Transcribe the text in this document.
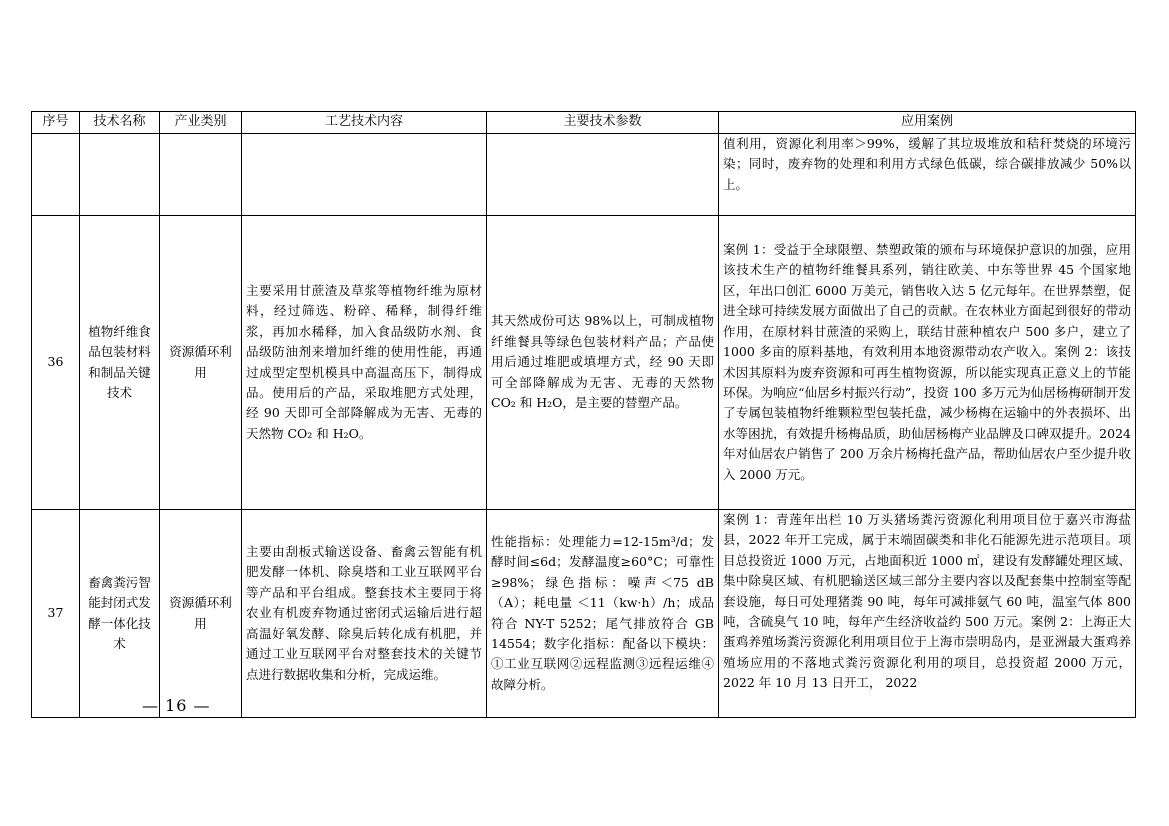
序号	技术名称	产业类别	工艺技术内容	主要技术参数	应用案例
					值利用，资源化利用率＞99%，缓解了其垃圾堆放和秸秆焚烧的环境污染；同时，废弃物的处理和利用方式绿色低碳，综合碳排放减少 50%以上。
36	植物纤维食品包装材料和制品关键技术	资源循环利用	主要采用甘蔗渣及草浆等植物纤维为原材料，经过筛选、粉碎、稀释，制得纤维浆，再加水稀释，加入食品级防水剂、食品级防油剂来增加纤维的使用性能，再通过成型定型机模具中高温高压下，制得成品。使用后的产品，采取堆肥方式处理，经 90 天即可全部降解成为无害、无毒的天然物 CO₂ 和 H₂O。	其天然成份可达 98%以上，可制成植物纤维餐具等绿色包装材料产品；产品使用后通过堆肥或填埋方式，经 90 天即可全部降解成为无害、无毒的天然物 CO₂ 和 H₂O，是主要的替塑产品。	案例 1：受益于全球限塑、禁塑政策的颁布与环境保护意识的加强，应用该技术生产的植物纤维餐具系列，销往欧美、中东等世界 45 个国家地区，年出口创汇 6000 万美元，销售收入达 5 亿元每年。在世界禁塑，促进全球可持续发展方面做出了自己的贡献。在农林业方面起到很好的带动作用，在原材料甘蔗渣的采购上，联结甘蔗种植农户 500 多户，建立了 1000 多亩的原料基地，有效利用本地资源带动农产收入。案例 2：该技术因其原料为废弃资源和可再生植物资源，所以能实现真正意义上的节能环保。为响应“仙居乡村振兴行动”，投资 100 多万元为仙居杨梅研制开发了专属包装植物纤维颗粒型包装托盘，减少杨梅在运输中的外表损坏、出水等困扰，有效提升杨梅品质，助仙居杨梅产业品牌及口碑双提升。2024 年对仙居农户销售了 200 万余片杨梅托盘产品，帮助仙居农户至少提升收入 2000 万元。
37	畜禽粪污智能封闭式发酵一体化技术	资源循环利用	主要由刮板式输送设备、畜禽云智能有机肥发酵一体机、除臭塔和工业互联网平台等产品和平台组成。整套技术主要同于将农业有机废弃物通过密闭式运输后进行超高温好氧发酵、除臭后转化成有机肥，并通过工业互联网平台对整套技术的关键节点进行数据收集和分析，完成运维。	性能指标：处理能力=12-15m³/d；发酵时间≤6d；发酵温度≥60°C；可靠性 ≥98%；绿色指标：噪声＜75 dB（A）；耗电量 ＜11（kw·h）/h；成品符合 NY-T 5252；尾气排放符合 GB 14554；数字化指标：配备以下模块：①工业互联网②远程监测③远程运维④故障分析。	案例 1：青莲年出栏 10 万头猪场粪污资源化利用项目位于嘉兴市海盐县，2022 年开工完成，属于末端固碳类和非化石能源先进示范项目。项目总投资近 1000 万元，占地面积近 1000 ㎡，建设有发酵罐处理区域、集中除臭区域、有机肥输送区域三部分主要内容以及配套集中控制室等配套设施，每日可处理猪粪 90 吨，每年可减排氨气 60 吨，温室气体 800 吨，含硫臭气 10 吨，每年产生经济收益约 500 万元。案例 2：上海正大蛋鸡养殖场粪污资源化利用项目位于上海市崇明岛内，是亚洲最大蛋鸡养殖场应用的不落地式粪污资源化利用的项目，总投资超 2000 万元， 2022 年 10 月 13 日开工， 2022
— 16 —
